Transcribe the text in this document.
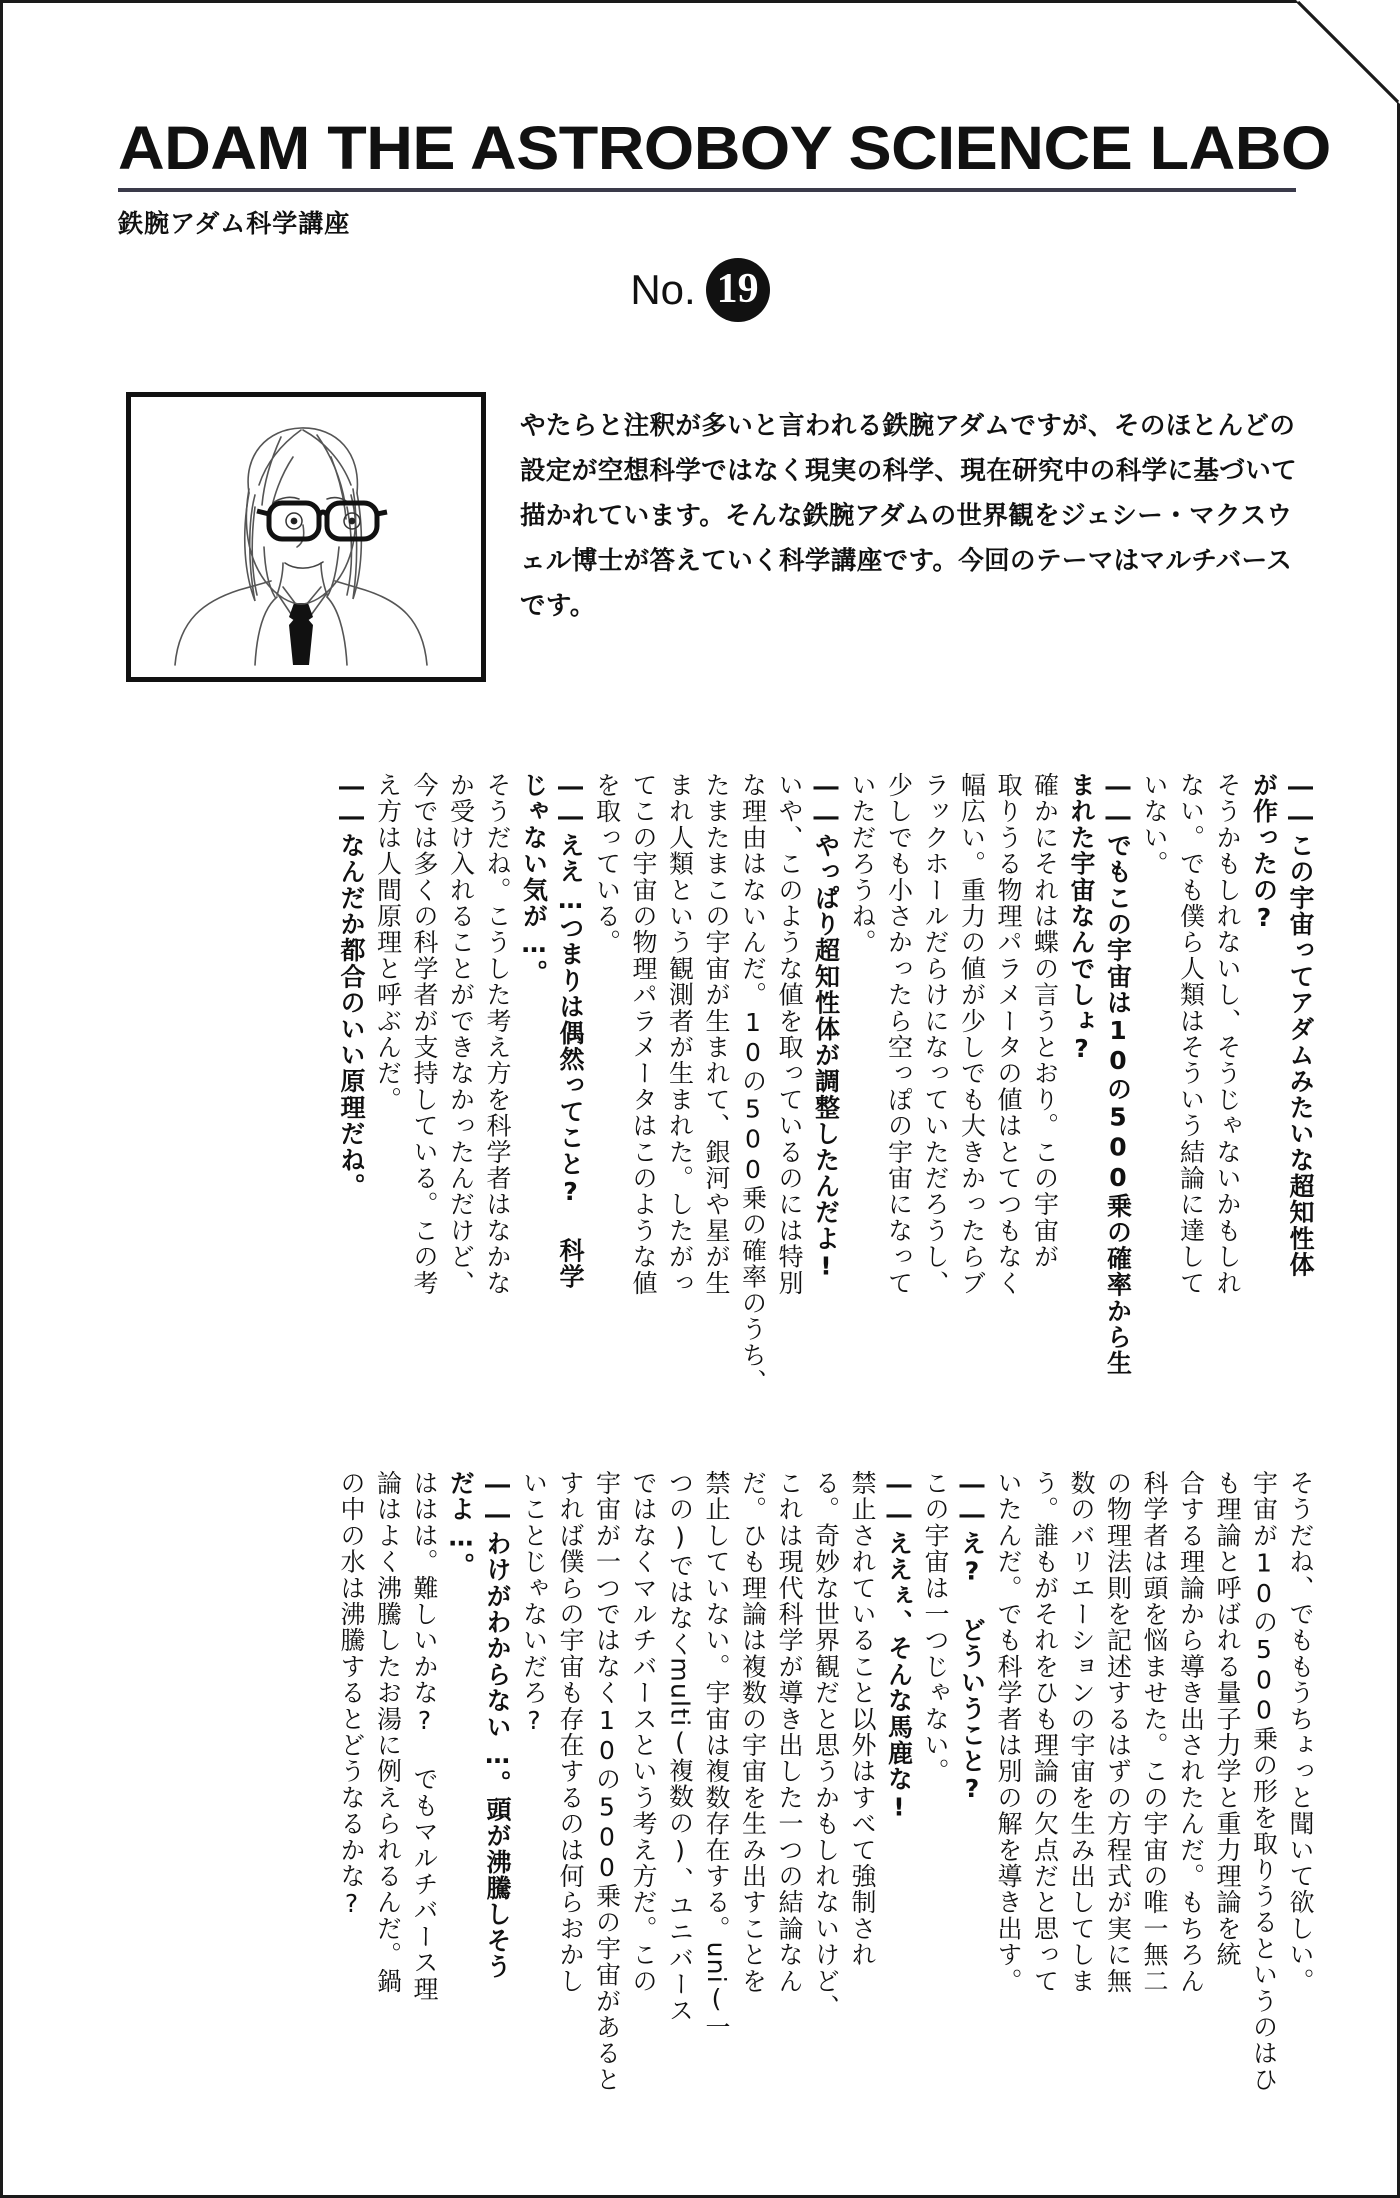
ADAM THE ASTROBOY SCIENCE LABO
鉄腕アダム科学講座
No. 19
やたらと注釈が多いと言われる鉄腕アダムですが、そのほとんどの設定が空想科学ではなく現実の科学、現在研究中の科学に基づいて描かれています。そんな鉄腕アダムの世界観をジェシー・マクスウェル博士が答えていく科学講座です。今回のテーマはマルチバースです。
――この宇宙ってアダムみたいな超知性体
が作ったの?
そうかもしれないし、そうじゃないかもしれ
ない。でも僕ら人類はそういう結論に達して
いない。
――でもこの宇宙は10の500乗の確率から生
まれた宇宙なんでしょ?
確かにそれは蝶の言うとおり。この宇宙が
取りうる物理パラメータの値はとてつもなく
幅広い。重力の値が少しでも大きかったらブ
ラックホールだらけになっていただろうし、
少しでも小さかったら空っぽの宇宙になって
いただろうね。
――やっぱり超知性体が調整したんだよ!
いや、このような値を取っているのには特別
な理由はないんだ。10の500乗の確率のうち、
たまたまこの宇宙が生まれて、銀河や星が生
まれ人類という観測者が生まれた。したがっ
てこの宇宙の物理パラメータはこのような値
を取っている。
――ええ…つまりは偶然ってこと? 科学
じゃない気が…。
そうだね。こうした考え方を科学者はなかな
か受け入れることができなかったんだけど、
今では多くの科学者が支持している。この考
え方は人間原理と呼ぶんだ。
――なんだか都合のいい原理だね。
そうだね、でももうちょっと聞いて欲しい。
宇宙が10の500乗の形を取りうるというのはひ
も理論と呼ばれる量子力学と重力理論を統
合する理論から導き出されたんだ。もちろん
科学者は頭を悩ませた。この宇宙の唯一無二
の物理法則を記述するはずの方程式が実に無
数のバリエーションの宇宙を生み出してしま
う。誰もがそれをひも理論の欠点だと思って
いたんだ。でも科学者は別の解を導き出す。
――え? どういうこと?
この宇宙は一つじゃない。
――ええぇ、そんな馬鹿な!
禁止されていること以外はすべて強制され
る。奇妙な世界観だと思うかもしれないけど、
これは現代科学が導き出した一つの結論なん
だ。ひも理論は複数の宇宙を生み出すことを
禁止していない。宇宙は複数存在する。uni(一
つの)ではなくmulti(複数の)、ユニバース
ではなくマルチバースという考え方だ。この
宇宙が一つではなく10の500乗の宇宙があると
すれば僕らの宇宙も存在するのは何らおかし
いことじゃないだろ?
――わけがわからない…。頭が沸騰しそう
だよ…。
ははは。難しいかな? でもマルチバース理
論はよく沸騰したお湯に例えられるんだ。鍋
の中の水は沸騰するとどうなるかな?
